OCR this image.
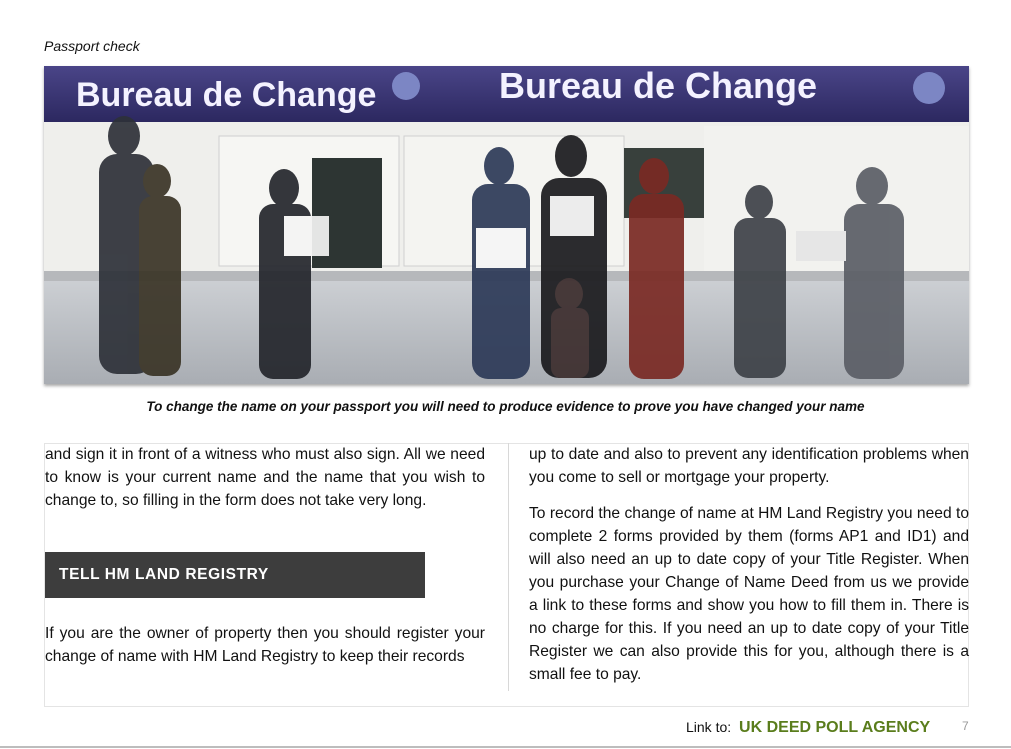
Passport check
Bureau de Change	Bureau de Change
To change the name on your passport you will need to produce evidence to prove you have changed your name

and sign it in front of a witness who must also sign. All we need to know is your current name and the name that you wish to change to, so filling in the form does not take very long.

TELL HM LAND REGISTRY

If you are the owner of property then you should register your change of name with HM Land Registry to keep their records

up to date and also to prevent any identification problems when you come to sell or mortgage your property.

To record the change of name at HM Land Registry you need to complete 2 forms provided by them (forms AP1 and ID1) and will also need an up to date copy of your Title Register. When you purchase your Change of Name Deed from us we provide a link to these forms and show you how to fill them in. There is no charge for this. If you need an up to date copy of your Title Register we can also provide this for you, although there is a small fee to pay.

Link to: UK DEED POLL AGENCY	7
